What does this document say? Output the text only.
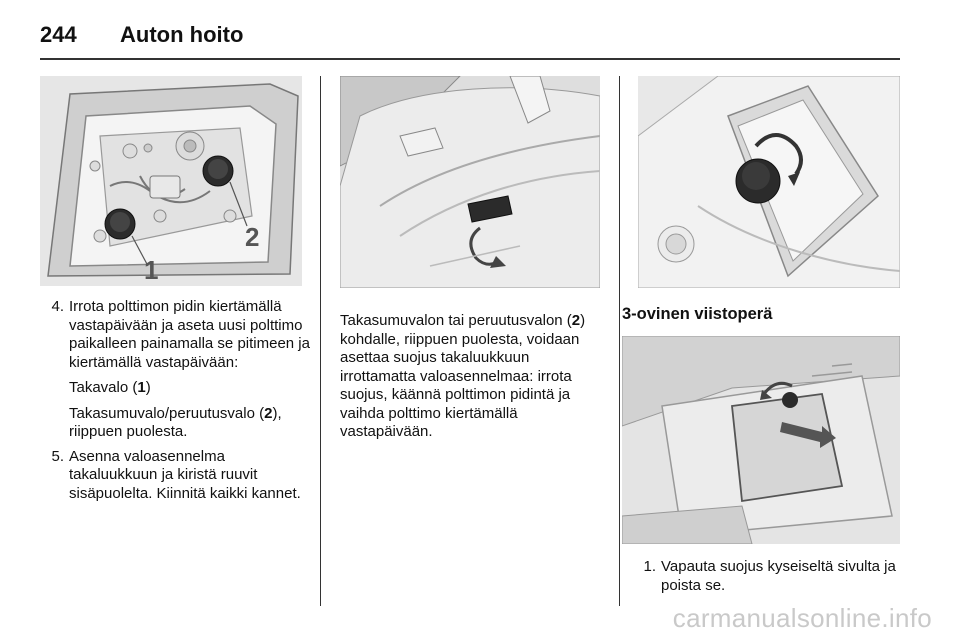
244 Auton hoito
1
2
4. Irrota polttimon pidin kiertämällä vastapäivään ja aseta uusi polttimo paikalleen painamalla se pitimeen ja kiertämällä vastapäivään:
Takavalo (1)
Takasumuvalo/peruutusvalo (2), riippuen puolesta.
5. Asenna valoasennelma takaluukkuun ja kiristä ruuvit sisäpuolelta. Kiinnitä kaikki kannet.
Takasumuvalon tai peruutusvalon (2) kohdalle, riippuen puolesta, voidaan asettaa suojus takaluukkuun irrottamatta valoasennelmaa: irrota suojus, käännä polttimon pidintä ja vaihda polttimo kiertämällä vastapäivään.
3-ovinen viistoperä
1. Vapauta suojus kyseiseltä sivulta ja poista se.
carmanualsonline.info
